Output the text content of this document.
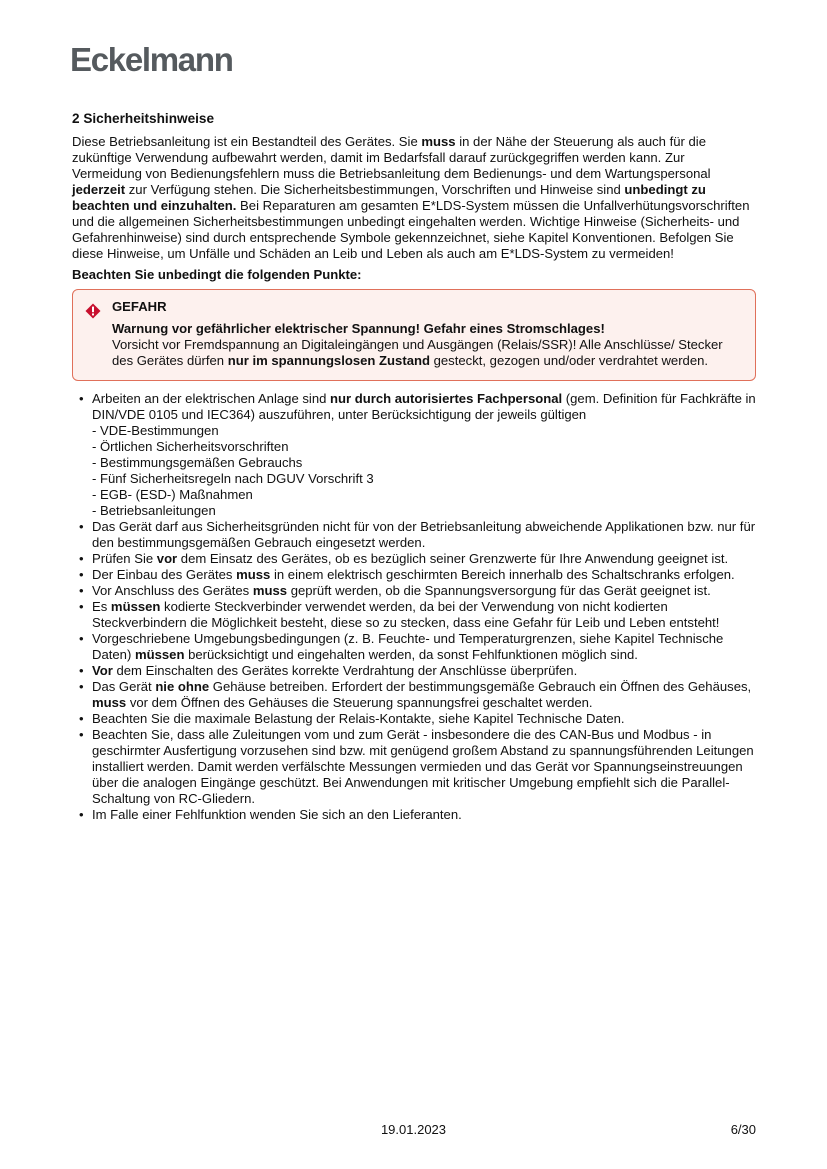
Eckelmann
2 Sicherheitshinweise

Diese Betriebsanleitung ist ein Bestandteil des Gerätes. Sie muss in der Nähe der Steuerung als auch für die zukünftige Verwendung aufbewahrt werden, damit im Bedarfsfall darauf zurückgegriffen werden kann. Zur Vermeidung von Bedienungsfehlern muss die Betriebsanleitung dem Bedienungs- und dem Wartungspersonal jederzeit zur Verfügung stehen. Die Sicherheitsbestimmungen, Vorschriften und Hinweise sind unbedingt zu beachten und einzuhalten. Bei Reparaturen am gesamten E*LDS-System müssen die Unfallverhütungsvorschriften und die allgemeinen Sicherheitsbestimmungen unbedingt eingehalten werden. Wichtige Hinweise (Sicherheits- und Gefahrenhinweise) sind durch entsprechende Symbole gekennzeichnet, siehe Kapitel Konventionen. Befolgen Sie diese Hinweise, um Unfälle und Schäden an Leib und Leben als auch am E*LDS-System zu vermeiden!

Beachten Sie unbedingt die folgenden Punkte:

GEFAHR
Warnung vor gefährlicher elektrischer Spannung! Gefahr eines Stromschlages!
Vorsicht vor Fremdspannung an Digitaleingängen und Ausgängen (Relais/SSR)! Alle Anschlüsse/ Stecker des Gerätes dürfen nur im spannungslosen Zustand gesteckt, gezogen und/oder verdrahtet werden.
• Arbeiten an der elektrischen Anlage sind nur durch autorisiertes Fachpersonal (gem. Definition für Fachkräfte in DIN/VDE 0105 und IEC364) auszuführen, unter Berücksichtigung der jeweils gültigen
- VDE-Bestimmungen
- Örtlichen Sicherheitsvorschriften
- Bestimmungsgemäßen Gebrauchs
- Fünf Sicherheitsregeln nach DGUV Vorschrift 3
- EGB- (ESD-) Maßnahmen
- Betriebsanleitungen
• Das Gerät darf aus Sicherheitsgründen nicht für von der Betriebsanleitung abweichende Applikationen bzw. nur für den bestimmungsgemäßen Gebrauch eingesetzt werden.
• Prüfen Sie vor dem Einsatz des Gerätes, ob es bezüglich seiner Grenzwerte für Ihre Anwendung geeignet ist.
• Der Einbau des Gerätes muss in einem elektrisch geschirmten Bereich innerhalb des Schaltschranks erfolgen.
• Vor Anschluss des Gerätes muss geprüft werden, ob die Spannungsversorgung für das Gerät geeignet ist.
• Es müssen kodierte Steckverbinder verwendet werden, da bei der Verwendung von nicht kodierten Steckverbindern die Möglichkeit besteht, diese so zu stecken, dass eine Gefahr für Leib und Leben entsteht!
• Vorgeschriebene Umgebungsbedingungen (z. B. Feuchte- und Temperaturgrenzen, siehe Kapitel Technische Daten) müssen berücksichtigt und eingehalten werden, da sonst Fehlfunktionen möglich sind.
• Vor dem Einschalten des Gerätes korrekte Verdrahtung der Anschlüsse überprüfen.
• Das Gerät nie ohne Gehäuse betreiben. Erfordert der bestimmungsgemäße Gebrauch ein Öffnen des Gehäuses, muss vor dem Öffnen des Gehäuses die Steuerung spannungsfrei geschaltet werden.
• Beachten Sie die maximale Belastung der Relais-Kontakte, siehe Kapitel Technische Daten.
• Beachten Sie, dass alle Zuleitungen vom und zum Gerät - insbesondere die des CAN-Bus und Modbus - in geschirmter Ausfertigung vorzusehen sind bzw. mit genügend großem Abstand zu spannungsführenden Leitungen installiert werden. Damit werden verfälschte Messungen vermieden und das Gerät vor Spannungseinstreuungen über die analogen Eingänge geschützt. Bei Anwendungen mit kritischer Umgebung empfiehlt sich die Parallel-Schaltung von RC-Gliedern.
• Im Falle einer Fehlfunktion wenden Sie sich an den Lieferanten.
19.01.2023	6/30
